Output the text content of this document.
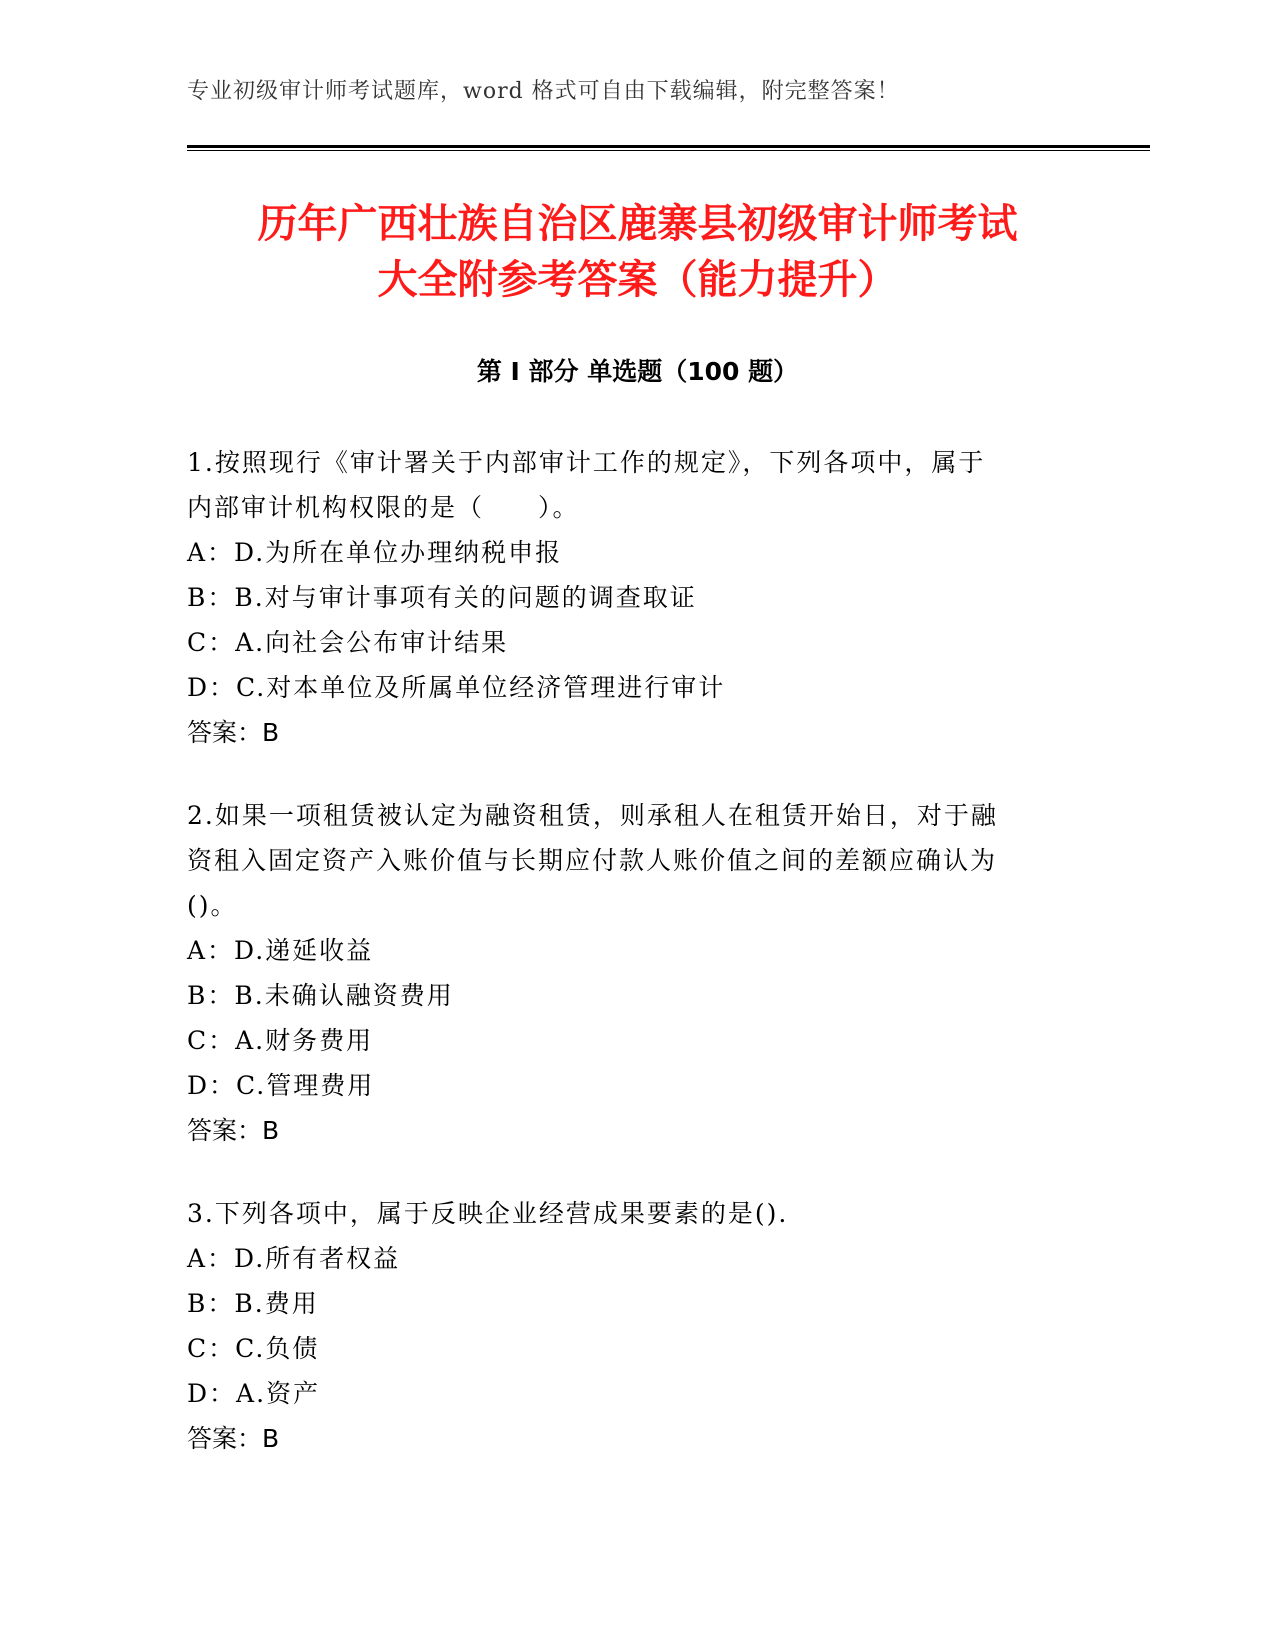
专业初级审计师考试题库，word 格式可自由下载编辑，附完整答案！
历年广西壮族自治区鹿寨县初级审计师考试
大全附参考答案（能力提升）
第 I 部分 单选题（100 题）
1.按照现行《审计署关于内部审计工作的规定》，下列各项中，属于
内部审计机构权限的是（　　）。
A：D.为所在单位办理纳税申报
B：B.对与审计事项有关的问题的调查取证
C：A.向社会公布审计结果
D：C.对本单位及所属单位经济管理进行审计
答案：B
2.如果一项租赁被认定为融资租赁，则承租人在租赁开始日，对于融
资租入固定资产入账价值与长期应付款人账价值之间的差额应确认为
()。
A：D.递延收益
B：B.未确认融资费用
C：A.财务费用
D：C.管理费用
答案：B
3.下列各项中，属于反映企业经营成果要素的是().
A：D.所有者权益
B：B.费用
C：C.负债
D：A.资产
答案：B
